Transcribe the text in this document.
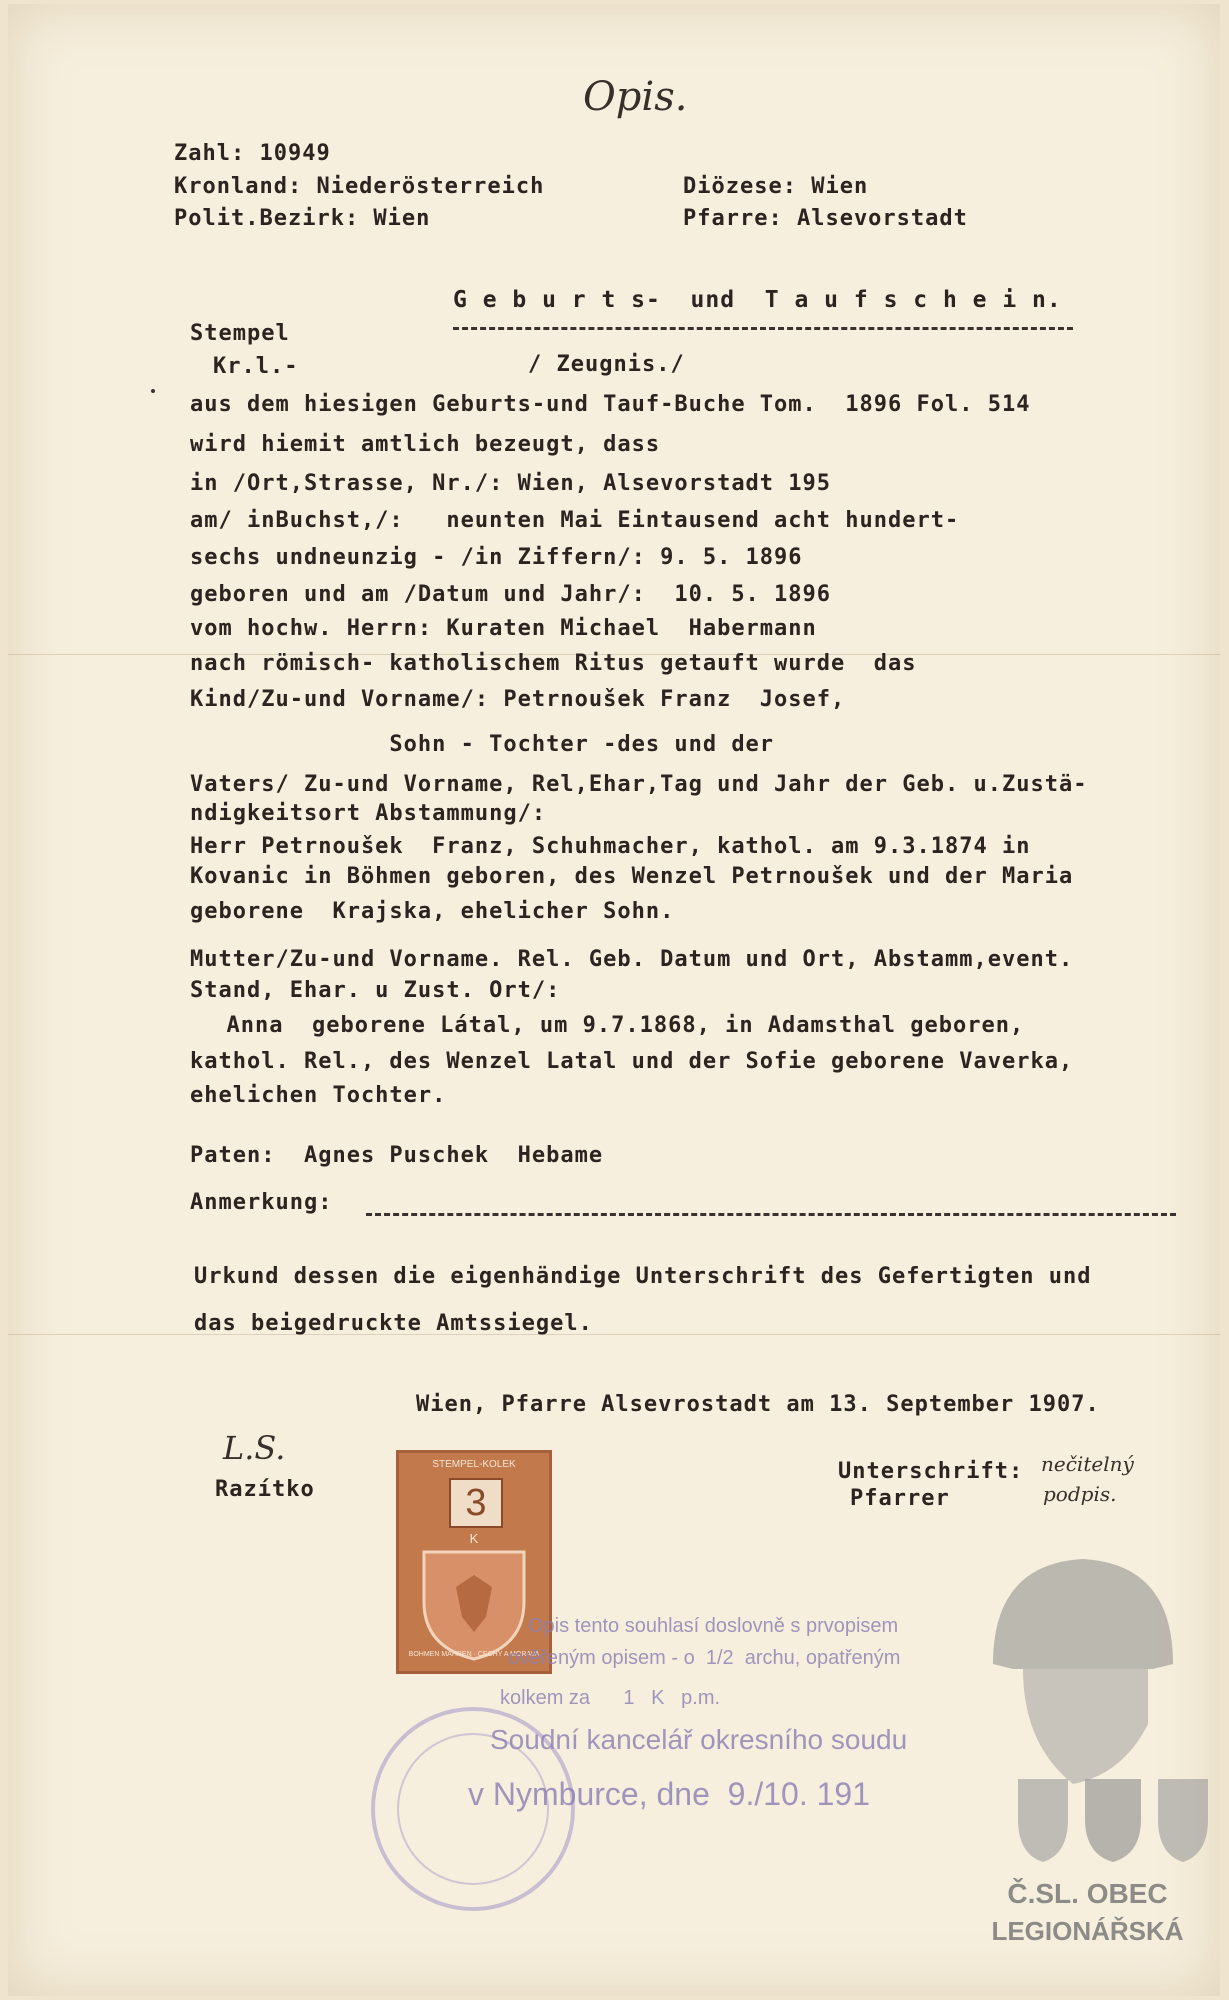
Opis.
Zahl: 10949
Kronland: Niederösterreich
Polit.Bezirk: Wien
Diözese: Wien
Pfarre: Alsevorstadt
G e b u r t s-  und  T a u f s c h e i n.
Stempel
Kr.l.-	/ Zeugnis./
aus dem hiesigen Geburts-und Tauf-Buche Tom.  1896 Fol. 514
wird hiemit amtlich bezeugt, dass
in /Ort,Strasse, Nr./: Wien, Alsevorstadt 195
am/ inBuchst,/:   neunten Mai Eintausend acht hundert-
sechs undneunzig - /in Ziffern/: 9. 5. 1896
geboren und am /Datum und Jahr/:  10. 5. 1896
vom hochw. Herrn: Kuraten Michael  Habermann
nach römisch- katholischem Ritus getauft wurde  das
Kind/Zu-und Vorname/: Petrnoušek Franz  Josef,
Sohn - Tochter -des und der
Vaters/ Zu-und Vorname, Rel,Ehar,Tag und Jahr der Geb. u.Zustä-
ndigkeitsort Abstammung/:
Herr Petrnoušek  Franz, Schuhmacher, kathol. am 9.3.1874 in
Kovanic in Böhmen geboren, des Wenzel Petrnoušek und der Maria
geborene  Krajska, ehelicher Sohn.
Mutter/Zu-und Vorname. Rel. Geb. Datum und Ort, Abstamm,event.
Stand, Ehar. u Zust. Ort/:
Anna  geborene Látal, um 9.7.1868, in Adamsthal geboren,
kathol. Rel., des Wenzel Latal und der Sofie geborene Vaverka,
ehelichen Tochter.
Paten:  Agnes Puschek  Hebame
Anmerkung:
Urkund dessen die eigenhändige Unterschrift des Gefertigten und
das beigedruckte Amtssiegel.
Wien, Pfarre Alsevrostadt am 13. September 1907.
L.S.
Razítko
Unterschrift:
Pfarrer
nečitelný
podpis.
STEMPEL-KOLEK
3
K
BÖHMEN MÄHREN · ČECHY A MORAVA
Opis tento souhlasí doslovně s prvopisem
ověřeným opisem - o  1/2  archu, opatřeným
kolkem za      1   K   p.m.
Soudní kancelář okresního soudu
v Nymburce, dne  9./10. 191
Č.SL. OBEC
LEGIONÁŘSKÁ
